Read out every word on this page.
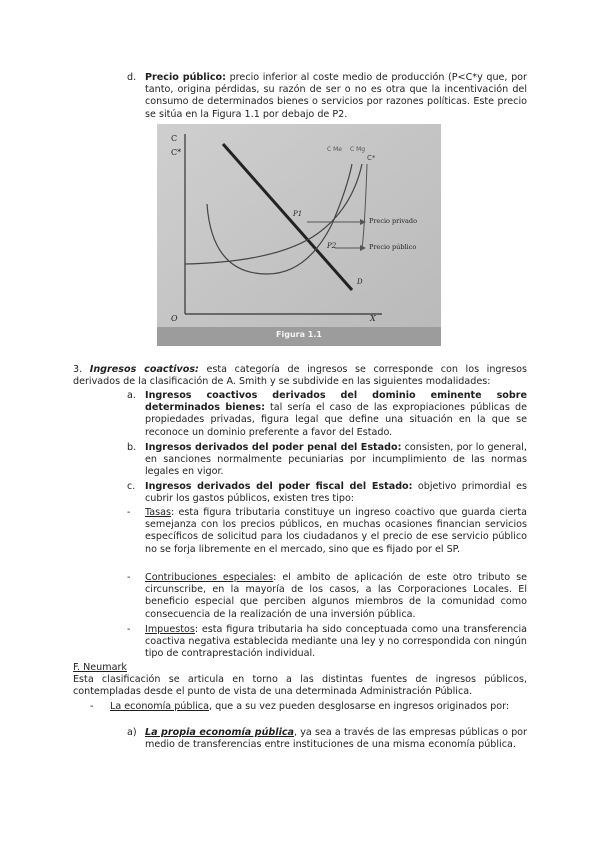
d. Precio público: precio inferior al coste medio de producción (P<C*y que, por tanto, origina pérdidas, su razón de ser o no es otra que la incentivación del consumo de determinados bienes o servicios por razones políticas. Este precio se sitúa en la Figura 1.1 por debajo de P2.

C
C*
O	X
C Me C Mg
C*
P1
P2
D
Precio privado
Precio público
Figura 1.1

3. Ingresos coactivos: esta categoría de ingresos se corresponde con los ingresos derivados de la clasificación de A. Smith y se subdivide en las siguientes modalidades:

a. Ingresos coactivos derivados del dominio eminente sobre determinados bienes: tal sería el caso de las expropiaciones públicas de propiedades privadas, figura legal que define una situación en la que se reconoce un dominio preferente a favor del Estado.

b. Ingresos derivados del poder penal del Estado: consisten, por lo general, en sanciones normalmente pecuniarias por incumplimiento de las normas legales en vigor.

c.	Ingresos derivados del poder fiscal del Estado: objetivo primordial es cubrir los gastos públicos, existen tres tipo:

-	Tasas: esta figura tributaria constituye un ingreso coactivo que guarda cierta semejanza con los precios públicos, en muchas ocasiones financian servicios específicos de solicitud para los ciudadanos y el precio de ese servicio público no se forja libremente en el mercado, sino que es fijado por el SP.

-	Contribuciones especiales: el ambito de aplicación de este otro tributo se circunscribe, en la mayoría de los casos, a las Corporaciones Locales. El beneficio especial que perciben algunos miembros de la comunidad como consecuencia de la realización de una inversión pública.

-	Impuestos: esta figura tributaria ha sido conceptuada como una transferencia coactiva negativa establecida mediante una ley y no correspondida con ningún tipo de contraprestación individual.

F. Neumark

Esta clasificación se articula en torno a las distintas fuentes de ingresos públicos, contempladas desde el punto de vista de una determinada Administración Pública.

-	La economía pública, que a su vez pueden desglosarse en ingresos originados por:

a) La propia economía pública, ya sea a través de las empresas públicas o por medio de transferencias entre instituciones de una misma economía pública.
